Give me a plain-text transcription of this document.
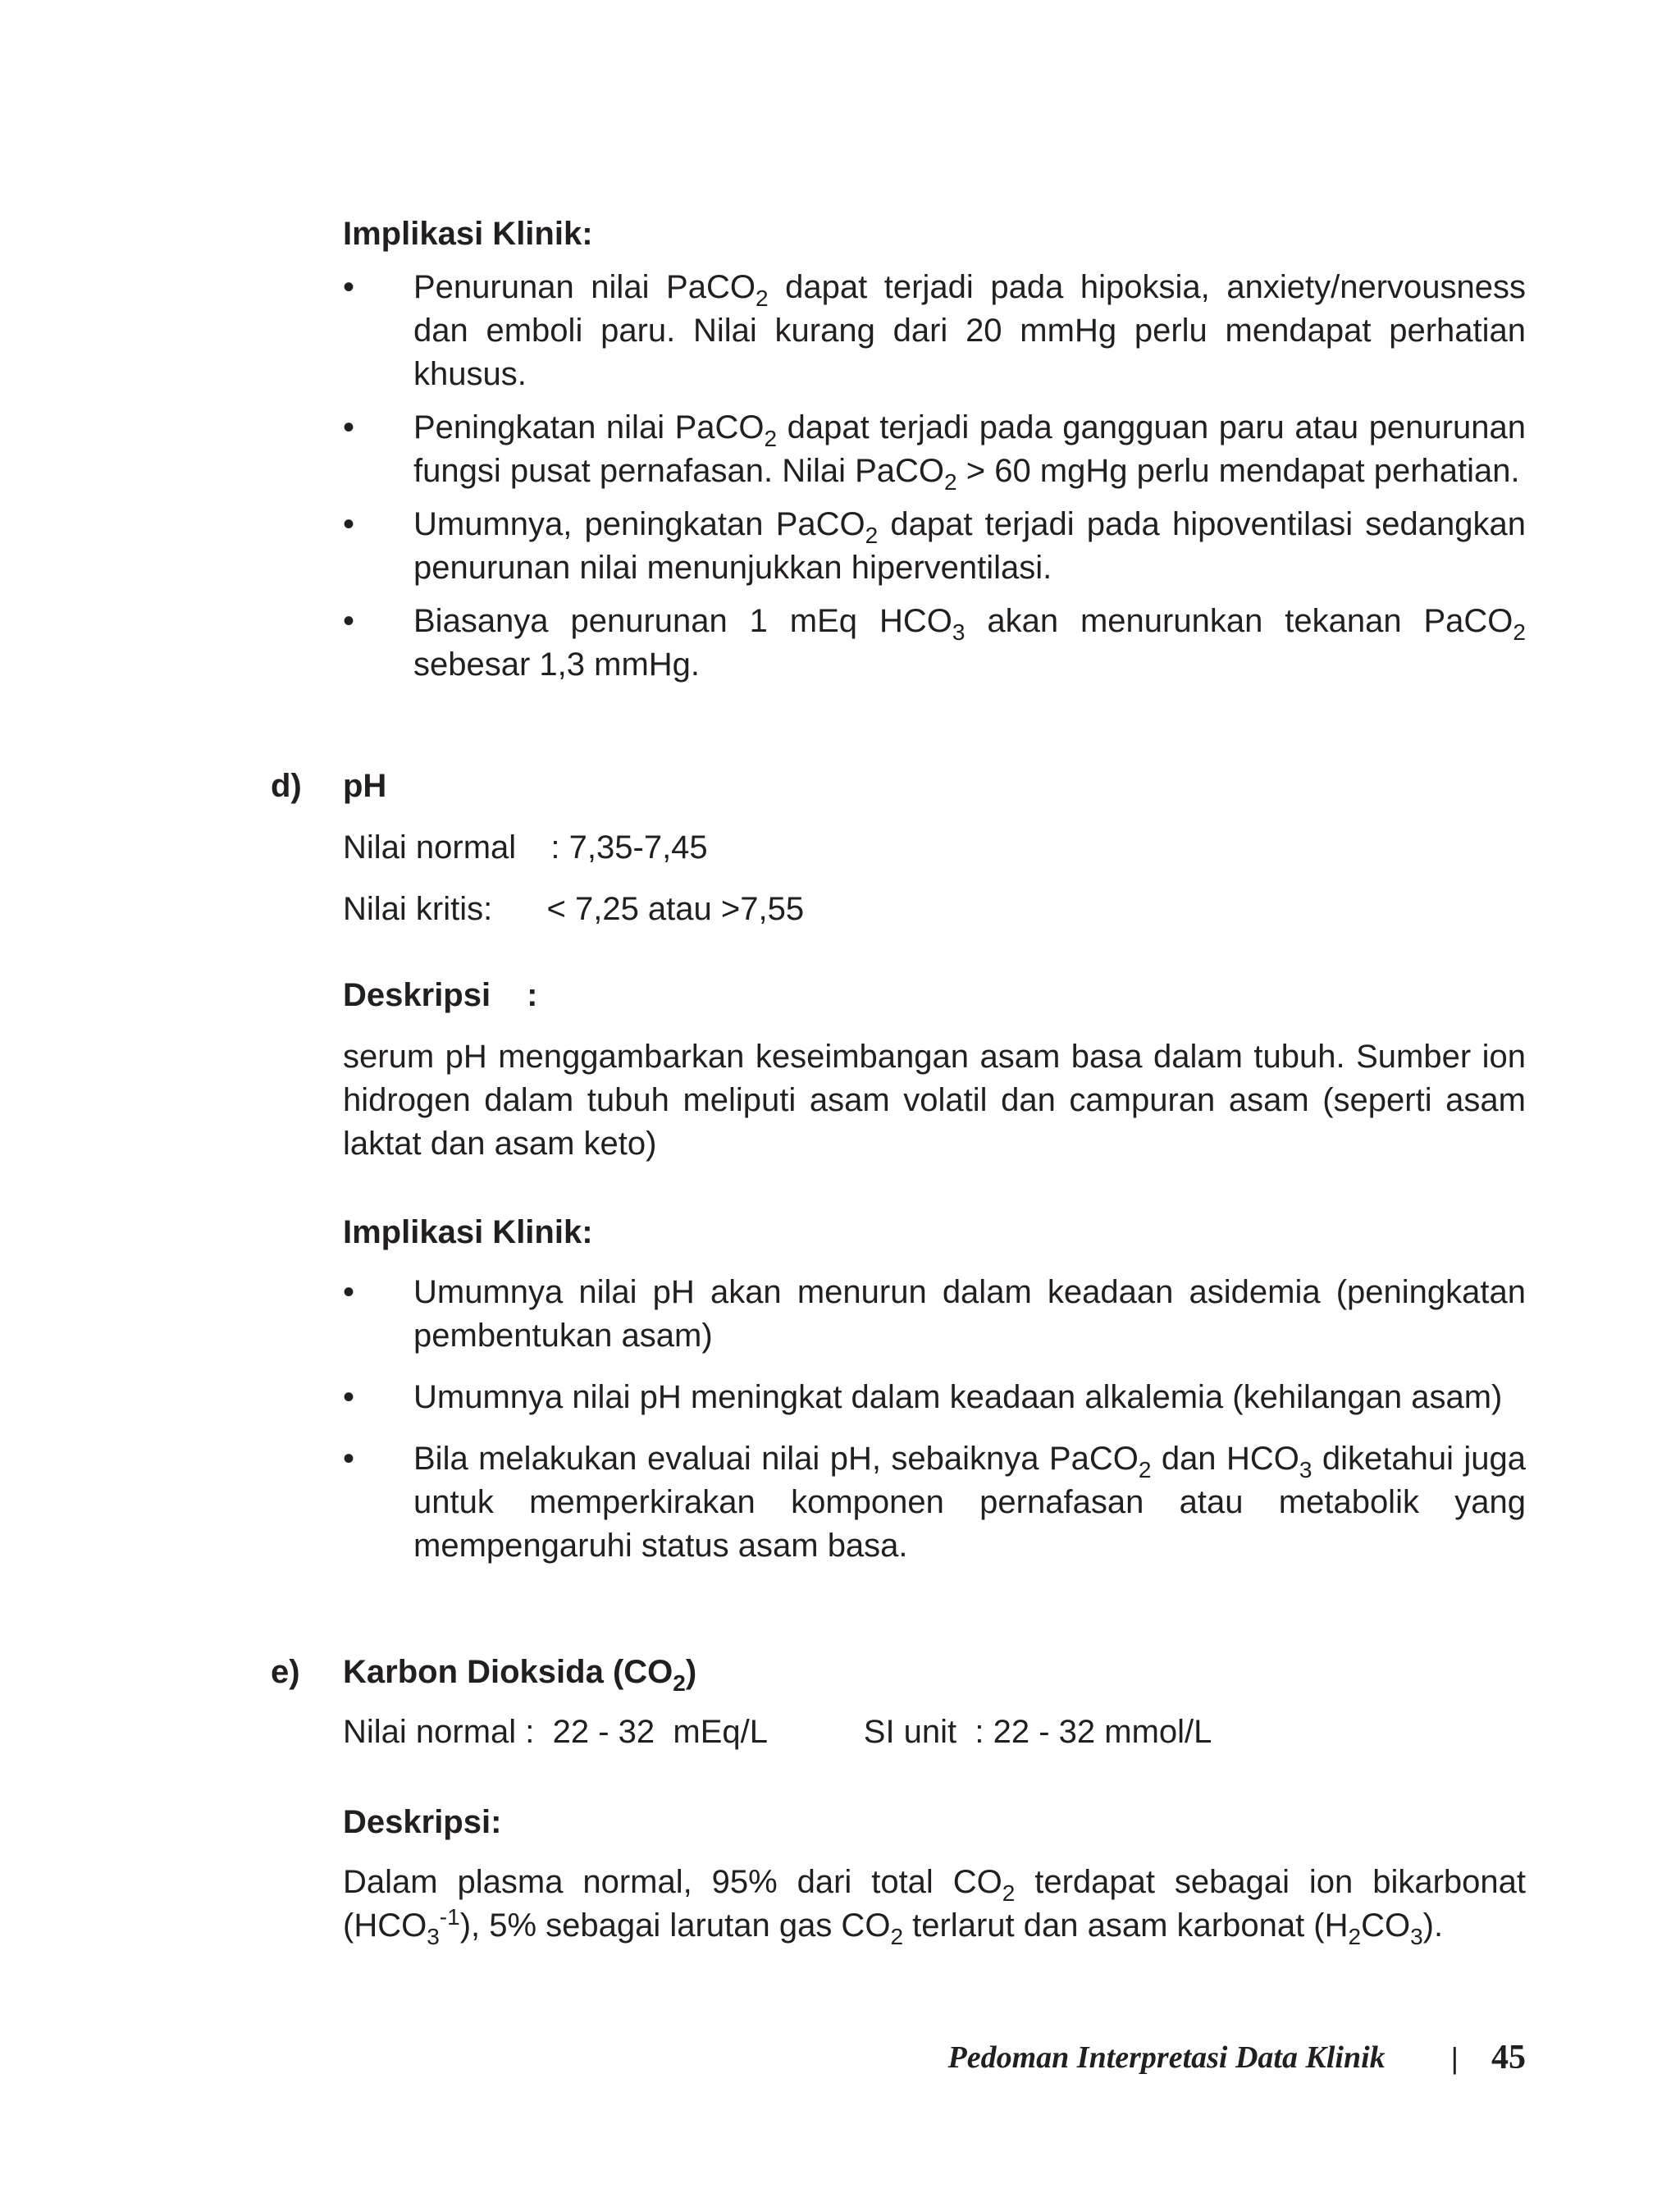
Implikasi Klinik:

•	Penurunan nilai PaCO$_2$ dapat terjadi pada hipoksia, anxiety/nervousness dan emboli paru. Nilai kurang dari 20 mmHg perlu mendapat perhatian khusus.
•	Peningkatan nilai PaCO$_2$ dapat terjadi pada gangguan paru atau penurunan fungsi pusat pernafasan. Nilai PaCO$_2$ > 60 mgHg perlu mendapat perhatian.
•	Umumnya, peningkatan PaCO$_2$ dapat terjadi pada hipoventilasi sedangkan penurunan nilai menunjukkan hiperventilasi.
•	Biasanya penurunan 1 mEq $HCO_3$ akan menurunkan tekanan PaCO$_2$ sebesar 1,3 mmHg.
d) pH

Nilai normal : 7,35-7,45

Nilai kritis: < 7,25 atau >7,55

Deskripsi :

serum pH menggambarkan keseimbangan asam basa dalam tubuh. Sumber ion hidrogen dalam tubuh meliputi asam volatil dan campuran asam (seperti asam laktat dan asam keto)

Implikasi Klinik:

•	Umumnya nilai pH akan menurun dalam keadaan asidemia (peningkatan pembentukan asam)
•	Umumnya nilai pH meningkat dalam keadaan alkalemia (kehilangan asam)
•	Bila melakukan evaluai nilai pH, sebaiknya PaCO$_2$ dan $HCO_3$ diketahui juga untuk memperkirakan komponen pernafasan atau metabolik yang mempengaruhi status asam basa.
e) Karbon Dioksida $(CO_2)$

Nilai normal :  22 - 32  mEq/L	SI unit  : 22 - 32 mmol/L

Deskripsi:

Dalam plasma normal, 95% dari total $CO_2$ terdapat sebagai ion bikarbonat $(HCO_3^{-1})$, 5% sebagai larutan gas $CO_2$ terlarut dan asam karbonat $(H_2CO_3)$.

Pedoman Interpretasi Data Klinik | 45
